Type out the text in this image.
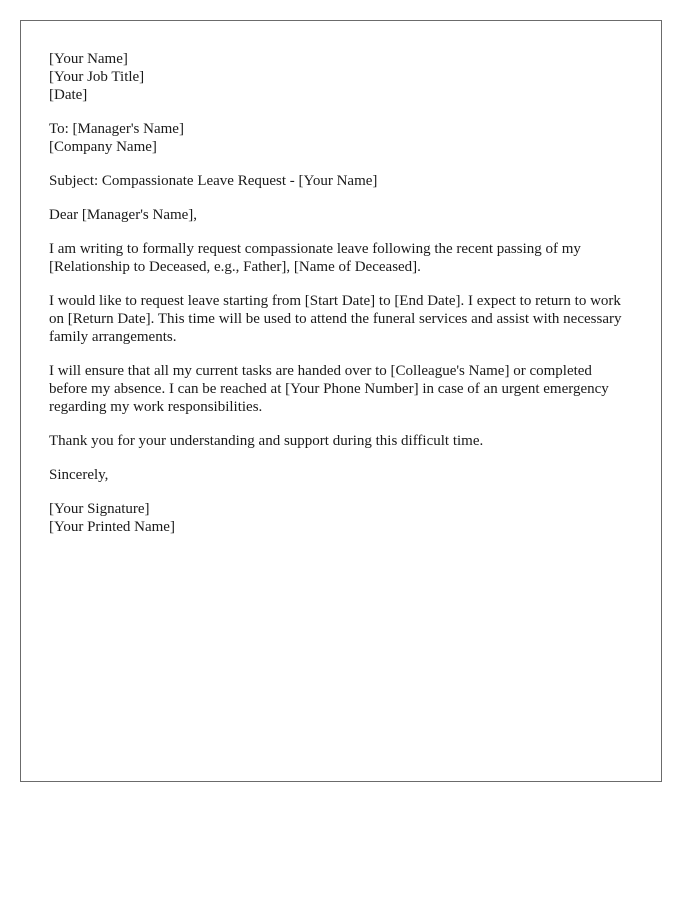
[Your Name]
[Your Job Title]
[Date]
To: [Manager's Name]
[Company Name]

Subject: Compassionate Leave Request - [Your Name]

Dear [Manager's Name],

I am writing to formally request compassionate leave following the recent passing of my [Relationship to Deceased, e.g., Father], [Name of Deceased].

I would like to request leave starting from [Start Date] to [End Date]. I expect to return to work on [Return Date]. This time will be used to attend the funeral services and assist with necessary family arrangements.

I will ensure that all my current tasks are handed over to [Colleague's Name] or completed before my absence. I can be reached at [Your Phone Number] in case of an urgent emergency regarding my work responsibilities.

Thank you for your understanding and support during this difficult time.

Sincerely,

[Your Signature]
[Your Printed Name]
